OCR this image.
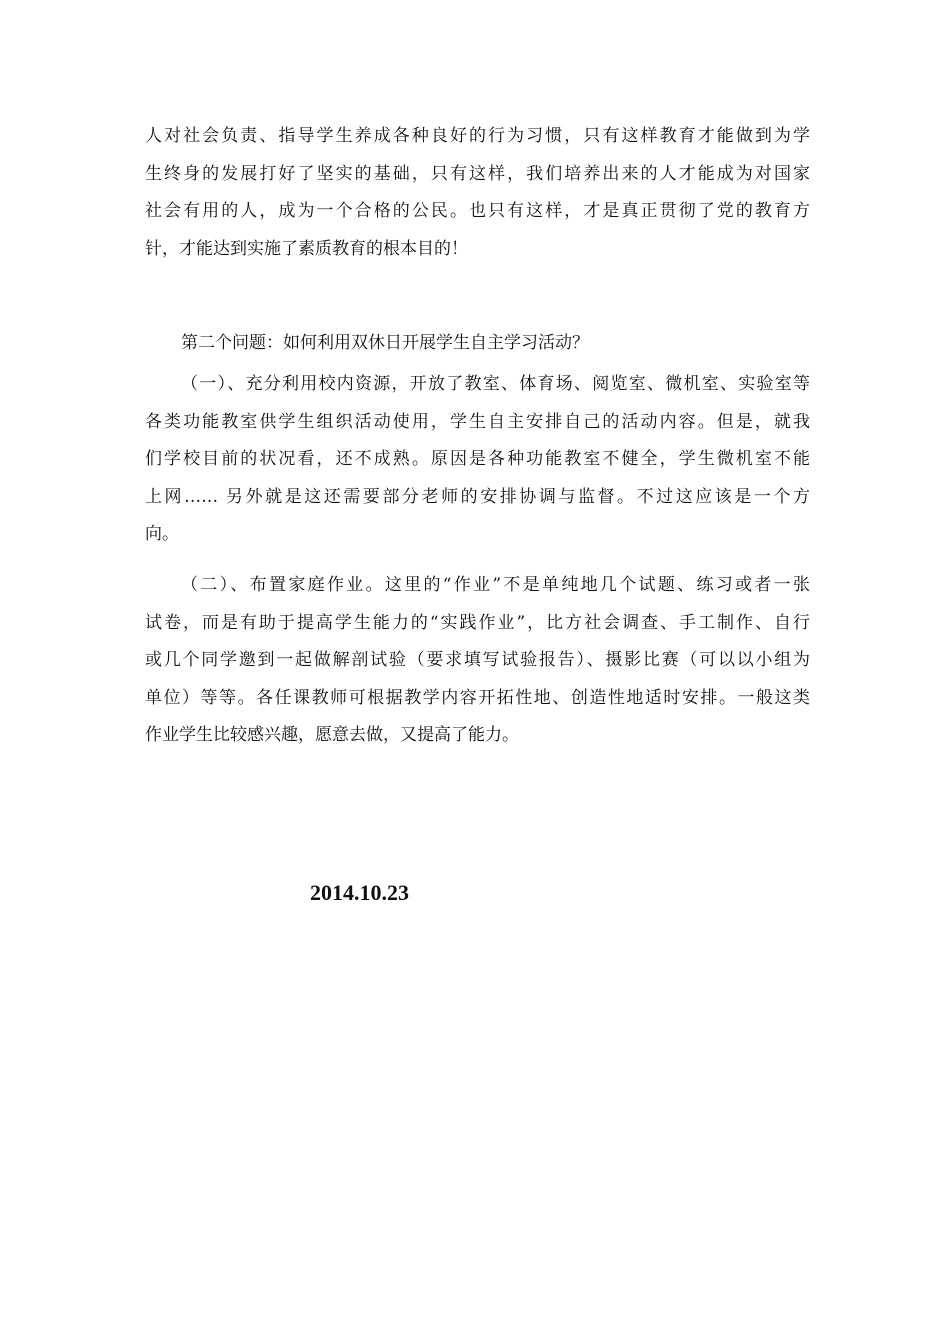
人对社会负责、指导学生养成各种良好的行为习惯，只有这样教育才能做到为学
生终身的发展打好了坚实的基础，只有这样，我们培养出来的人才能成为对国家
社会有用的人，成为一个合格的公民。也只有这样，才是真正贯彻了党的教育方
针，才能达到实施了素质教育的根本目的！
第二个问题：如何利用双休日开展学生自主学习活动？
（一）、充分利用校内资源，开放了教室、体育场、阅览室、微机室、实验室等
各类功能教室供学生组织活动使用，学生自主安排自己的活动内容。但是，就我
们学校目前的状况看，还不成熟。原因是各种功能教室不健全，学生微机室不能
上网…… 另外就是这还需要部分老师的安排协调与监督。不过这应该是一个方
向。
（二）、布置家庭作业。这里的“作业”不是单纯地几个试题、练习或者一张
试卷，而是有助于提高学生能力的“实践作业”，比方社会调查、手工制作、自行
或几个同学邀到一起做解剖试验（要求填写试验报告）、摄影比赛（可以以小组为
单位）等等。各任课教师可根据教学内容开拓性地、创造性地适时安排。一般这类
作业学生比较感兴趣，愿意去做，又提高了能力。
2014.10.23
